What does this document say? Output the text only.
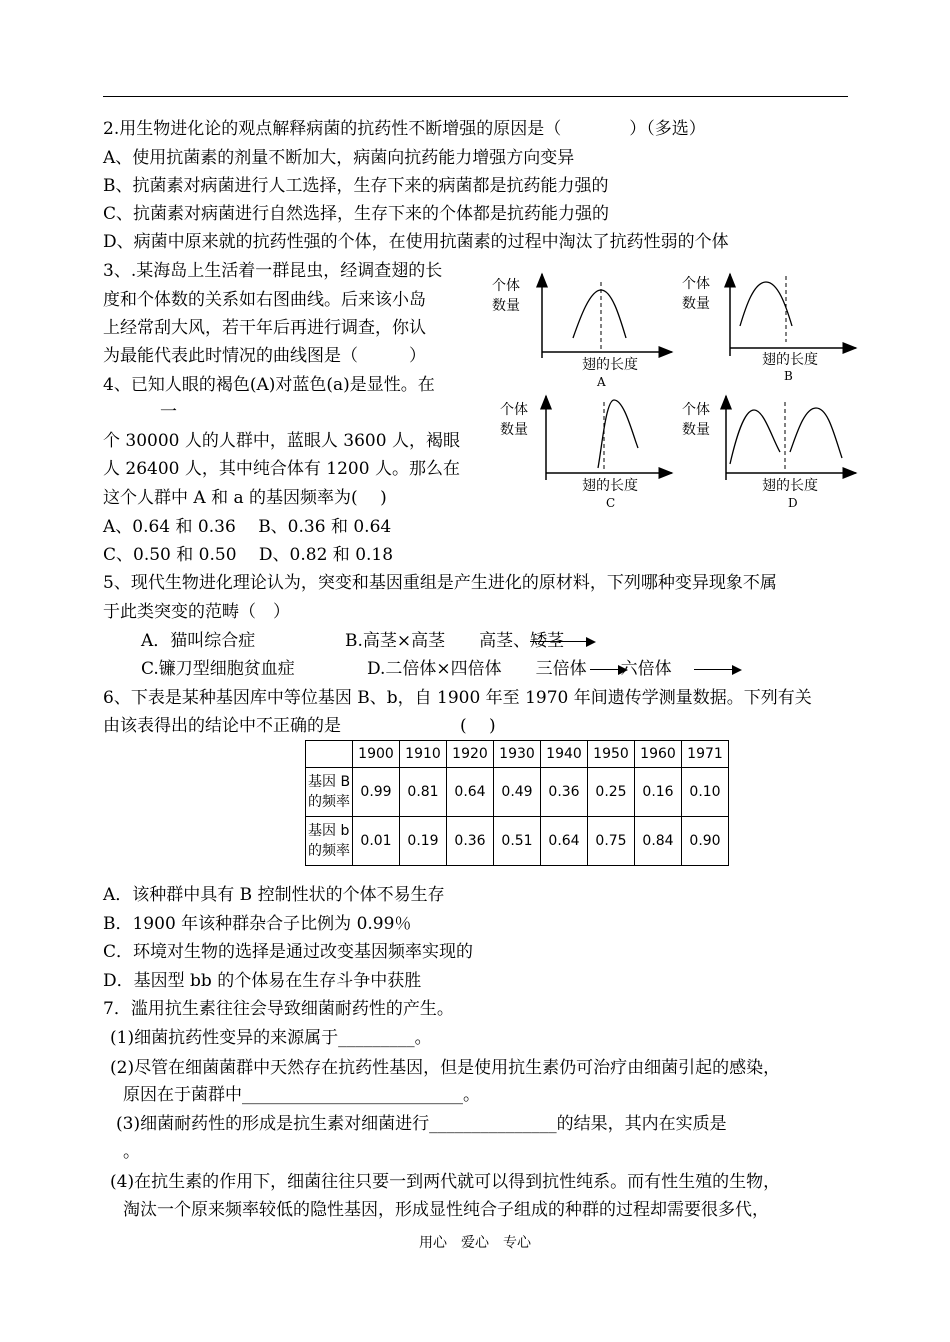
2.用生物进化论的观点解释病菌的抗药性不断增强的原因是（　　　　）（多选）
A、使用抗菌素的剂量不断加大，病菌向抗药能力增强方向变异
B、抗菌素对病菌进行人工选择，生存下来的病菌都是抗药能力强的
C、抗菌素对病菌进行自然选择，生存下来的个体都是抗药能力强的
D、病菌中原来就的抗药性强的个体，在使用抗菌素的过程中淘汰了抗药性弱的个体
3、.某海岛上生活着一群昆虫，经调查翅的长
度和个体数的关系如右图曲线。后来该小岛
上经常刮大风，若干年后再进行调查，你认
为最能代表此时情况的曲线图是（　　　）
4、已知人眼的褐色(A)对蓝色(a)是显性。在
一
个 30000 人的人群中，蓝眼人 3600 人，褐眼
人 26400 人，其中纯合体有 1200 人。那么在
这个人群中 A 和 a 的基因频率为(　 )
A、0.64 和 0.36　 B、0.36 和 0.64
C、0.50 和 0.50　 D、0.82 和 0.18
个体
数量
翅的长度
A
个体
数量
翅的长度
B
个体
数量
翅的长度
C
个体
数量
翅的长度
D
5、现代生物进化理论认为，突变和基因重组是产生进化的原材料，下列哪种变异现象不属
于此类突变的范畴（　）
A．猫叫综合症	B.高茎×高茎　　高茎、矮茎
C.镰刀型细胞贫血症	D.二倍体×四倍体　　三倍体　　六倍体
6、下表是某种基因库中等位基因 B、b，自 1900 年至 1970 年间遗传学测量数据。下列有关
由该表得出的结论中不正确的是　　　　　　　(　 )
	1900	1910	1920	1930	1940	1950	1960	1971
基因 B
的频率	0.99	0.81	0.64	0.49	0.36	0.25	0.16	0.10
基因 b
的频率	0.01	0.19	0.36	0.51	0.64	0.75	0.84	0.90
A．该种群中具有 B 控制性状的个体不易生存
B．1900 年该种群杂合子比例为 0.99％
C．环境对生物的选择是通过改变基因频率实现的
D．基因型 bb 的个体易在生存斗争中获胜
7．滥用抗生素往往会导致细菌耐药性的产生。
(1)细菌抗药性变异的来源属于_________。
(2)尽管在细菌菌群中天然存在抗药性基因，但是使用抗生素仍可治疗由细菌引起的感染，
原因在于菌群中__________________________。
(3)细菌耐药性的形成是抗生素对细菌进行_______________的结果，其内在实质是
。
(4)在抗生素的作用下，细菌往往只要一到两代就可以得到抗性纯系。而有性生殖的生物，
淘汰一个原来频率较低的隐性基因，形成显性纯合子组成的种群的过程却需要很多代，
用心　爱心　专心
